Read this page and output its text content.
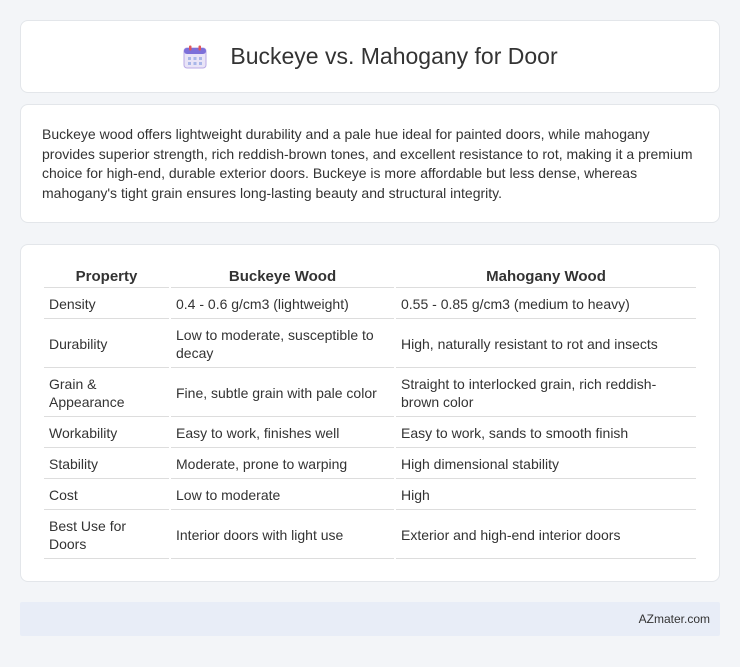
Buckeye vs. Mahogany for Door

Buckeye wood offers lightweight durability and a pale hue ideal for painted doors, while mahogany provides superior strength, rich reddish-brown tones, and excellent resistance to rot, making it a premium choice for high-end, durable exterior doors. Buckeye is more affordable but less dense, whereas mahogany's tight grain ensures long-lasting beauty and structural integrity.

Property	Buckeye Wood	Mahogany Wood
Density	0.4 - 0.6 g/cm3 (lightweight)	0.55 - 0.85 g/cm3 (medium to heavy)
Durability	Low to moderate, susceptible to decay	High, naturally resistant to rot and insects
Grain & Appearance	Fine, subtle grain with pale color	Straight to interlocked grain, rich reddish-brown color
Workability	Easy to work, finishes well	Easy to work, sands to smooth finish
Stability	Moderate, prone to warping	High dimensional stability
Cost	Low to moderate	High
Best Use for Doors	Interior doors with light use	Exterior and high-end interior doors
AZmater.com
